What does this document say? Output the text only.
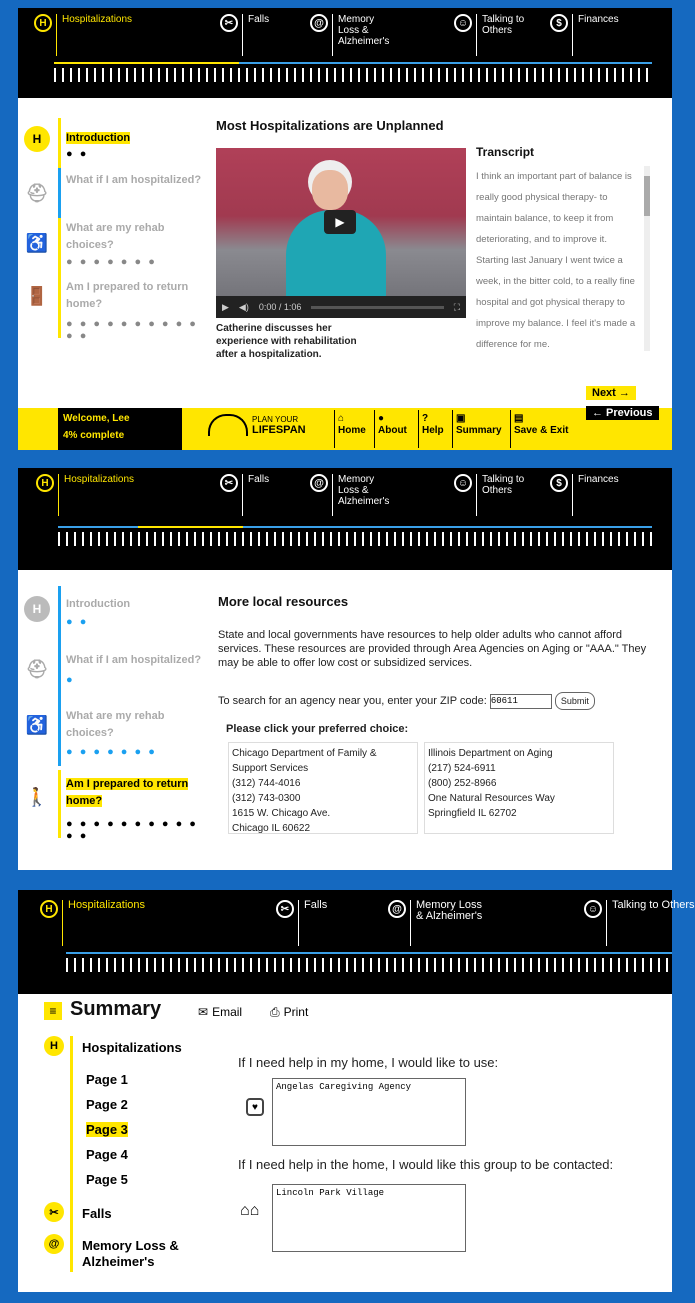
H	Hospitalizations	✂	Falls	@	Memory Loss & Alzheimer's
☺	Talking to Others
$	Finances
H	Introduction
● ●
⛑
What if I am hospitalized?
♿
What are my rehab choices?
● ● ● ● ● ● ●
🚪 Am I prepared to return home?
● ● ● ● ● ● ● ● ● ● ● ●
Most Hospitalizations are Unplanned
▶
▶ ◀) 0:00 / 1:06	⛶
Catherine discusses her experience with rehabilitation after a hospitalization.
Transcript
I think an important part of balance is really good physical therapy- to maintain balance, to keep it from deteriorating, and to improve it. Starting last January I went twice a week, in the bitter cold, to a really fine hospital and got physical therapy to improve my balance. I feel it's made a difference for me.
Next →
← Previous
Welcome, Lee
4% complete
PLAN YOUR
LIFESPAN
⌂
Home
●
About
?
Help
▣
Summary
▤
Save & Exit
H	Hospitalizations	✂	Falls	@	Memory Loss & Alzheimer's
☺	Talking to Others
$	Finances
H	Introduction
● ●
⛑ What if I am hospitalized?
●
♿ What are my rehab choices?
● ● ● ● ● ● ●
🚶
Am I prepared to return home?
● ● ● ● ● ● ● ● ● ● ● ●
More local resources
State and local governments have resources to help older adults who cannot afford services. These resources are provided through Area Agencies on Aging or "AAA." They may be able to offer low cost or subsidized services.
To search for an agency near you, enter your ZIP code:
60611	Submit
Please click your preferred choice:
Chicago Department of Family & Support Services
(312) 744-4016
(312) 743-0300
1615 W. Chicago Ave.
Chicago IL 60622
Illinois Department on Aging
(217) 524-6911
(800) 252-8966
One Natural Resources Way
Springfield IL 62702
H	Hospitalizations	✂	Falls	@	Memory Loss & Alzheimer's
☺	Talking to Others
≡ Summary	✉ Email ⎙ Print
H	Hospitalizations
Page 1
Page 2
Page 3
Page 4
Page 5
✂	Falls
@	Memory Loss & Alzheimer's
If I need help in my home, I would like to use:
♥
Angelas Caregiving Agency
If I need help in the home, I would like this group to be contacted:
⌂⌂
Lincoln Park Village
